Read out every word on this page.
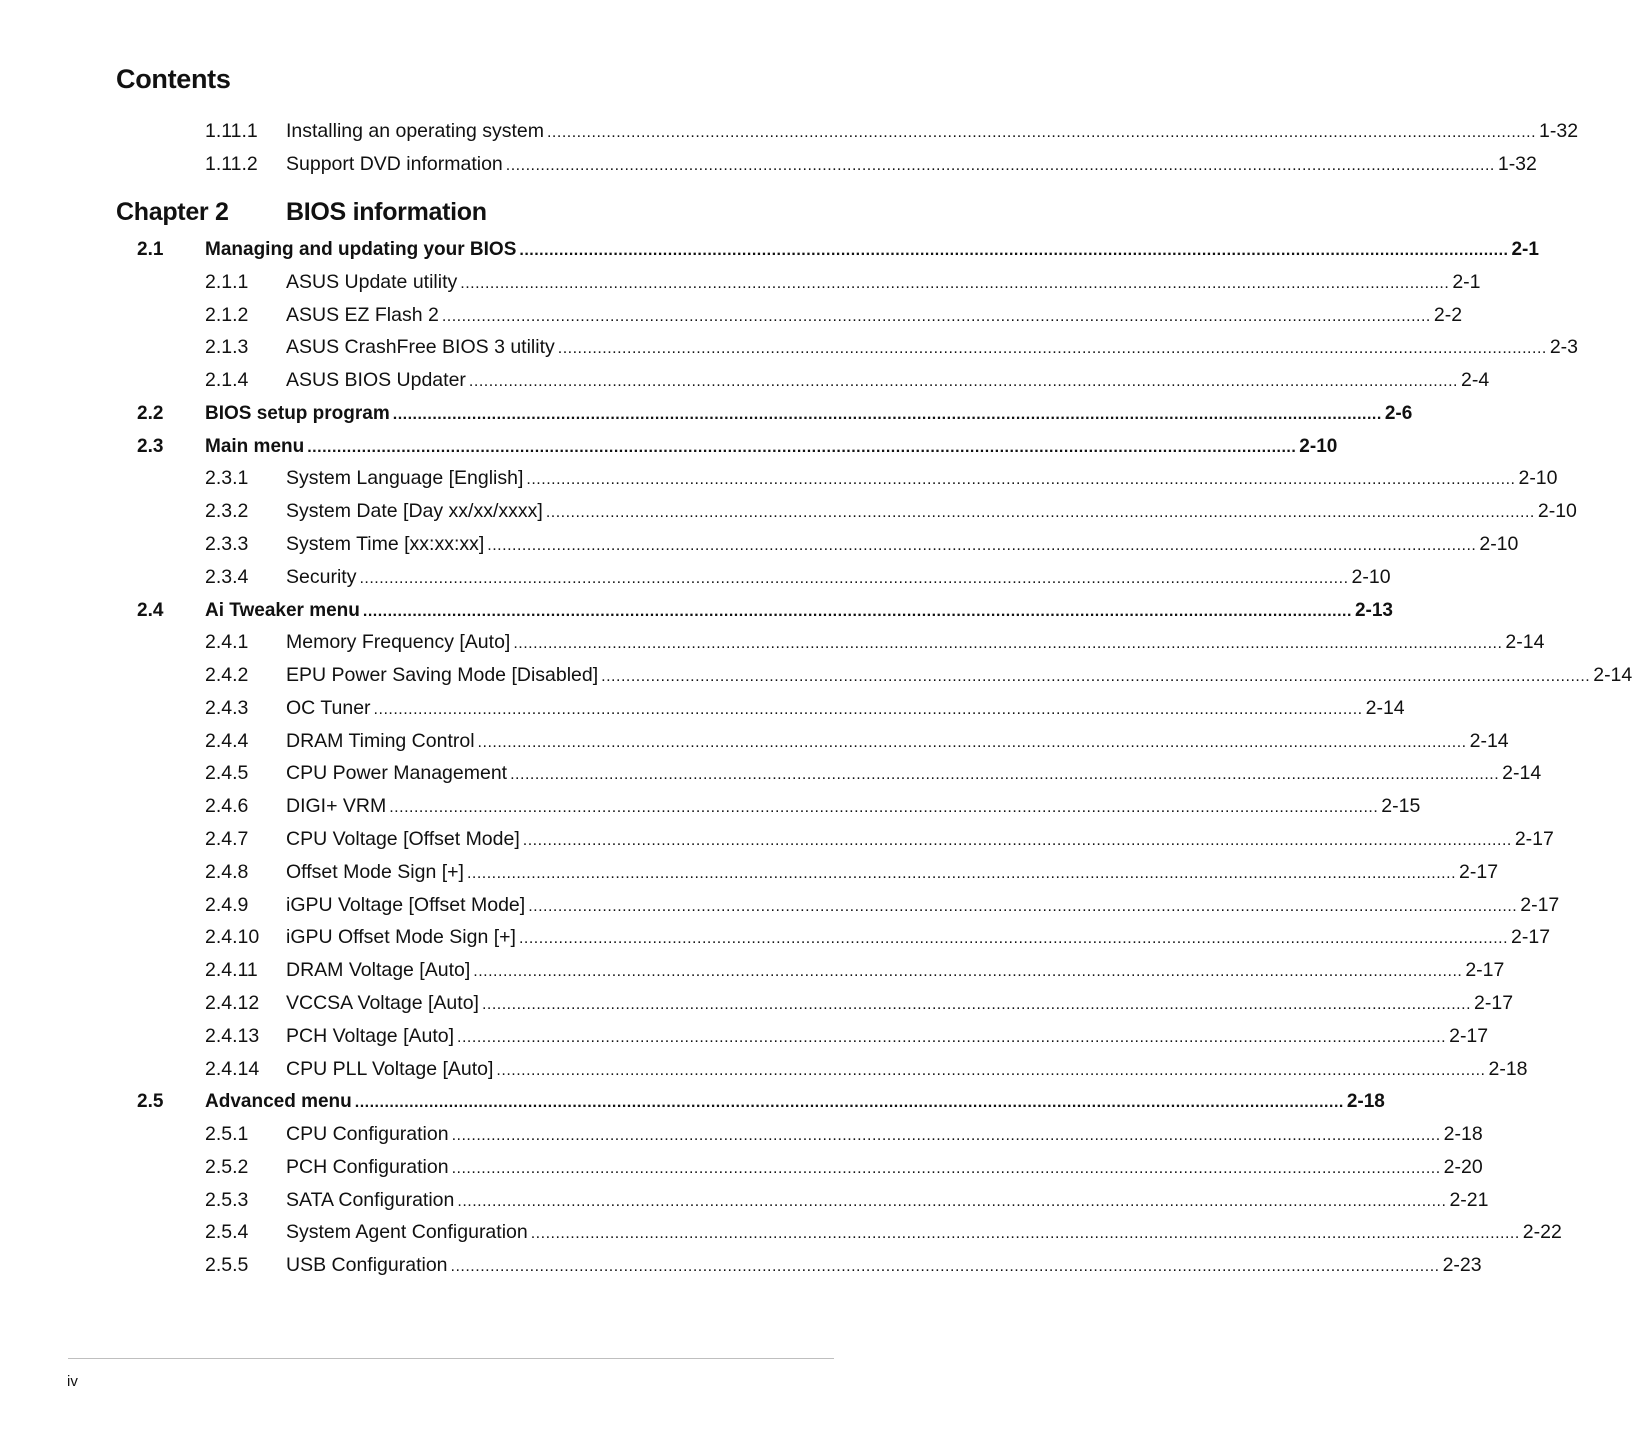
Contents
1.11.1 Installing an operating system ........................................................................................................................................................................................................ 1-32
1.11.2 Support DVD information ........................................................................................................................................................................................................ 1-32
Chapter 2 BIOS information
2.1 Managing and updating your BIOS ........................................................................................................................................................................................................ 2-1
2.1.1 ASUS Update utility ........................................................................................................................................................................................................ 2-1
2.1.2 ASUS EZ Flash 2 ........................................................................................................................................................................................................ 2-2
2.1.3 ASUS CrashFree BIOS 3 utility ........................................................................................................................................................................................................ 2-3
2.1.4 ASUS BIOS Updater ........................................................................................................................................................................................................ 2-4
2.2 BIOS setup program ........................................................................................................................................................................................................ 2-6
2.3 Main menu ........................................................................................................................................................................................................ 2-10
2.3.1 System Language [English] ........................................................................................................................................................................................................ 2-10
2.3.2 System Date [Day xx/xx/xxxx] ........................................................................................................................................................................................................ 2-10
2.3.3 System Time [xx:xx:xx] ........................................................................................................................................................................................................ 2-10
2.3.4 Security ........................................................................................................................................................................................................ 2-10
2.4 Ai Tweaker menu ........................................................................................................................................................................................................ 2-13
2.4.1 Memory Frequency [Auto] ........................................................................................................................................................................................................ 2-14
2.4.2 EPU Power Saving Mode [Disabled] ........................................................................................................................................................................................................ 2-14
2.4.3 OC Tuner ........................................................................................................................................................................................................ 2-14
2.4.4 DRAM Timing Control ........................................................................................................................................................................................................ 2-14
2.4.5 CPU Power Management ........................................................................................................................................................................................................ 2-14
2.4.6 DIGI+ VRM ........................................................................................................................................................................................................ 2-15
2.4.7 CPU Voltage [Offset Mode] ........................................................................................................................................................................................................ 2-17
2.4.8 Offset Mode Sign [+] ........................................................................................................................................................................................................ 2-17
2.4.9 iGPU Voltage [Offset Mode] ........................................................................................................................................................................................................ 2-17
2.4.10 iGPU Offset Mode Sign [+] ........................................................................................................................................................................................................ 2-17
2.4.11 DRAM Voltage [Auto] ........................................................................................................................................................................................................ 2-17
2.4.12 VCCSA Voltage [Auto] ........................................................................................................................................................................................................ 2-17
2.4.13 PCH Voltage [Auto] ........................................................................................................................................................................................................ 2-17
2.4.14 CPU PLL Voltage [Auto] ........................................................................................................................................................................................................ 2-18
2.5 Advanced menu ........................................................................................................................................................................................................ 2-18
2.5.1 CPU Configuration ........................................................................................................................................................................................................ 2-18
2.5.2 PCH Configuration ........................................................................................................................................................................................................ 2-20
2.5.3 SATA Configuration ........................................................................................................................................................................................................ 2-21
2.5.4 System Agent Configuration ........................................................................................................................................................................................................ 2-22
2.5.5 USB Configuration ........................................................................................................................................................................................................ 2-23
iv
